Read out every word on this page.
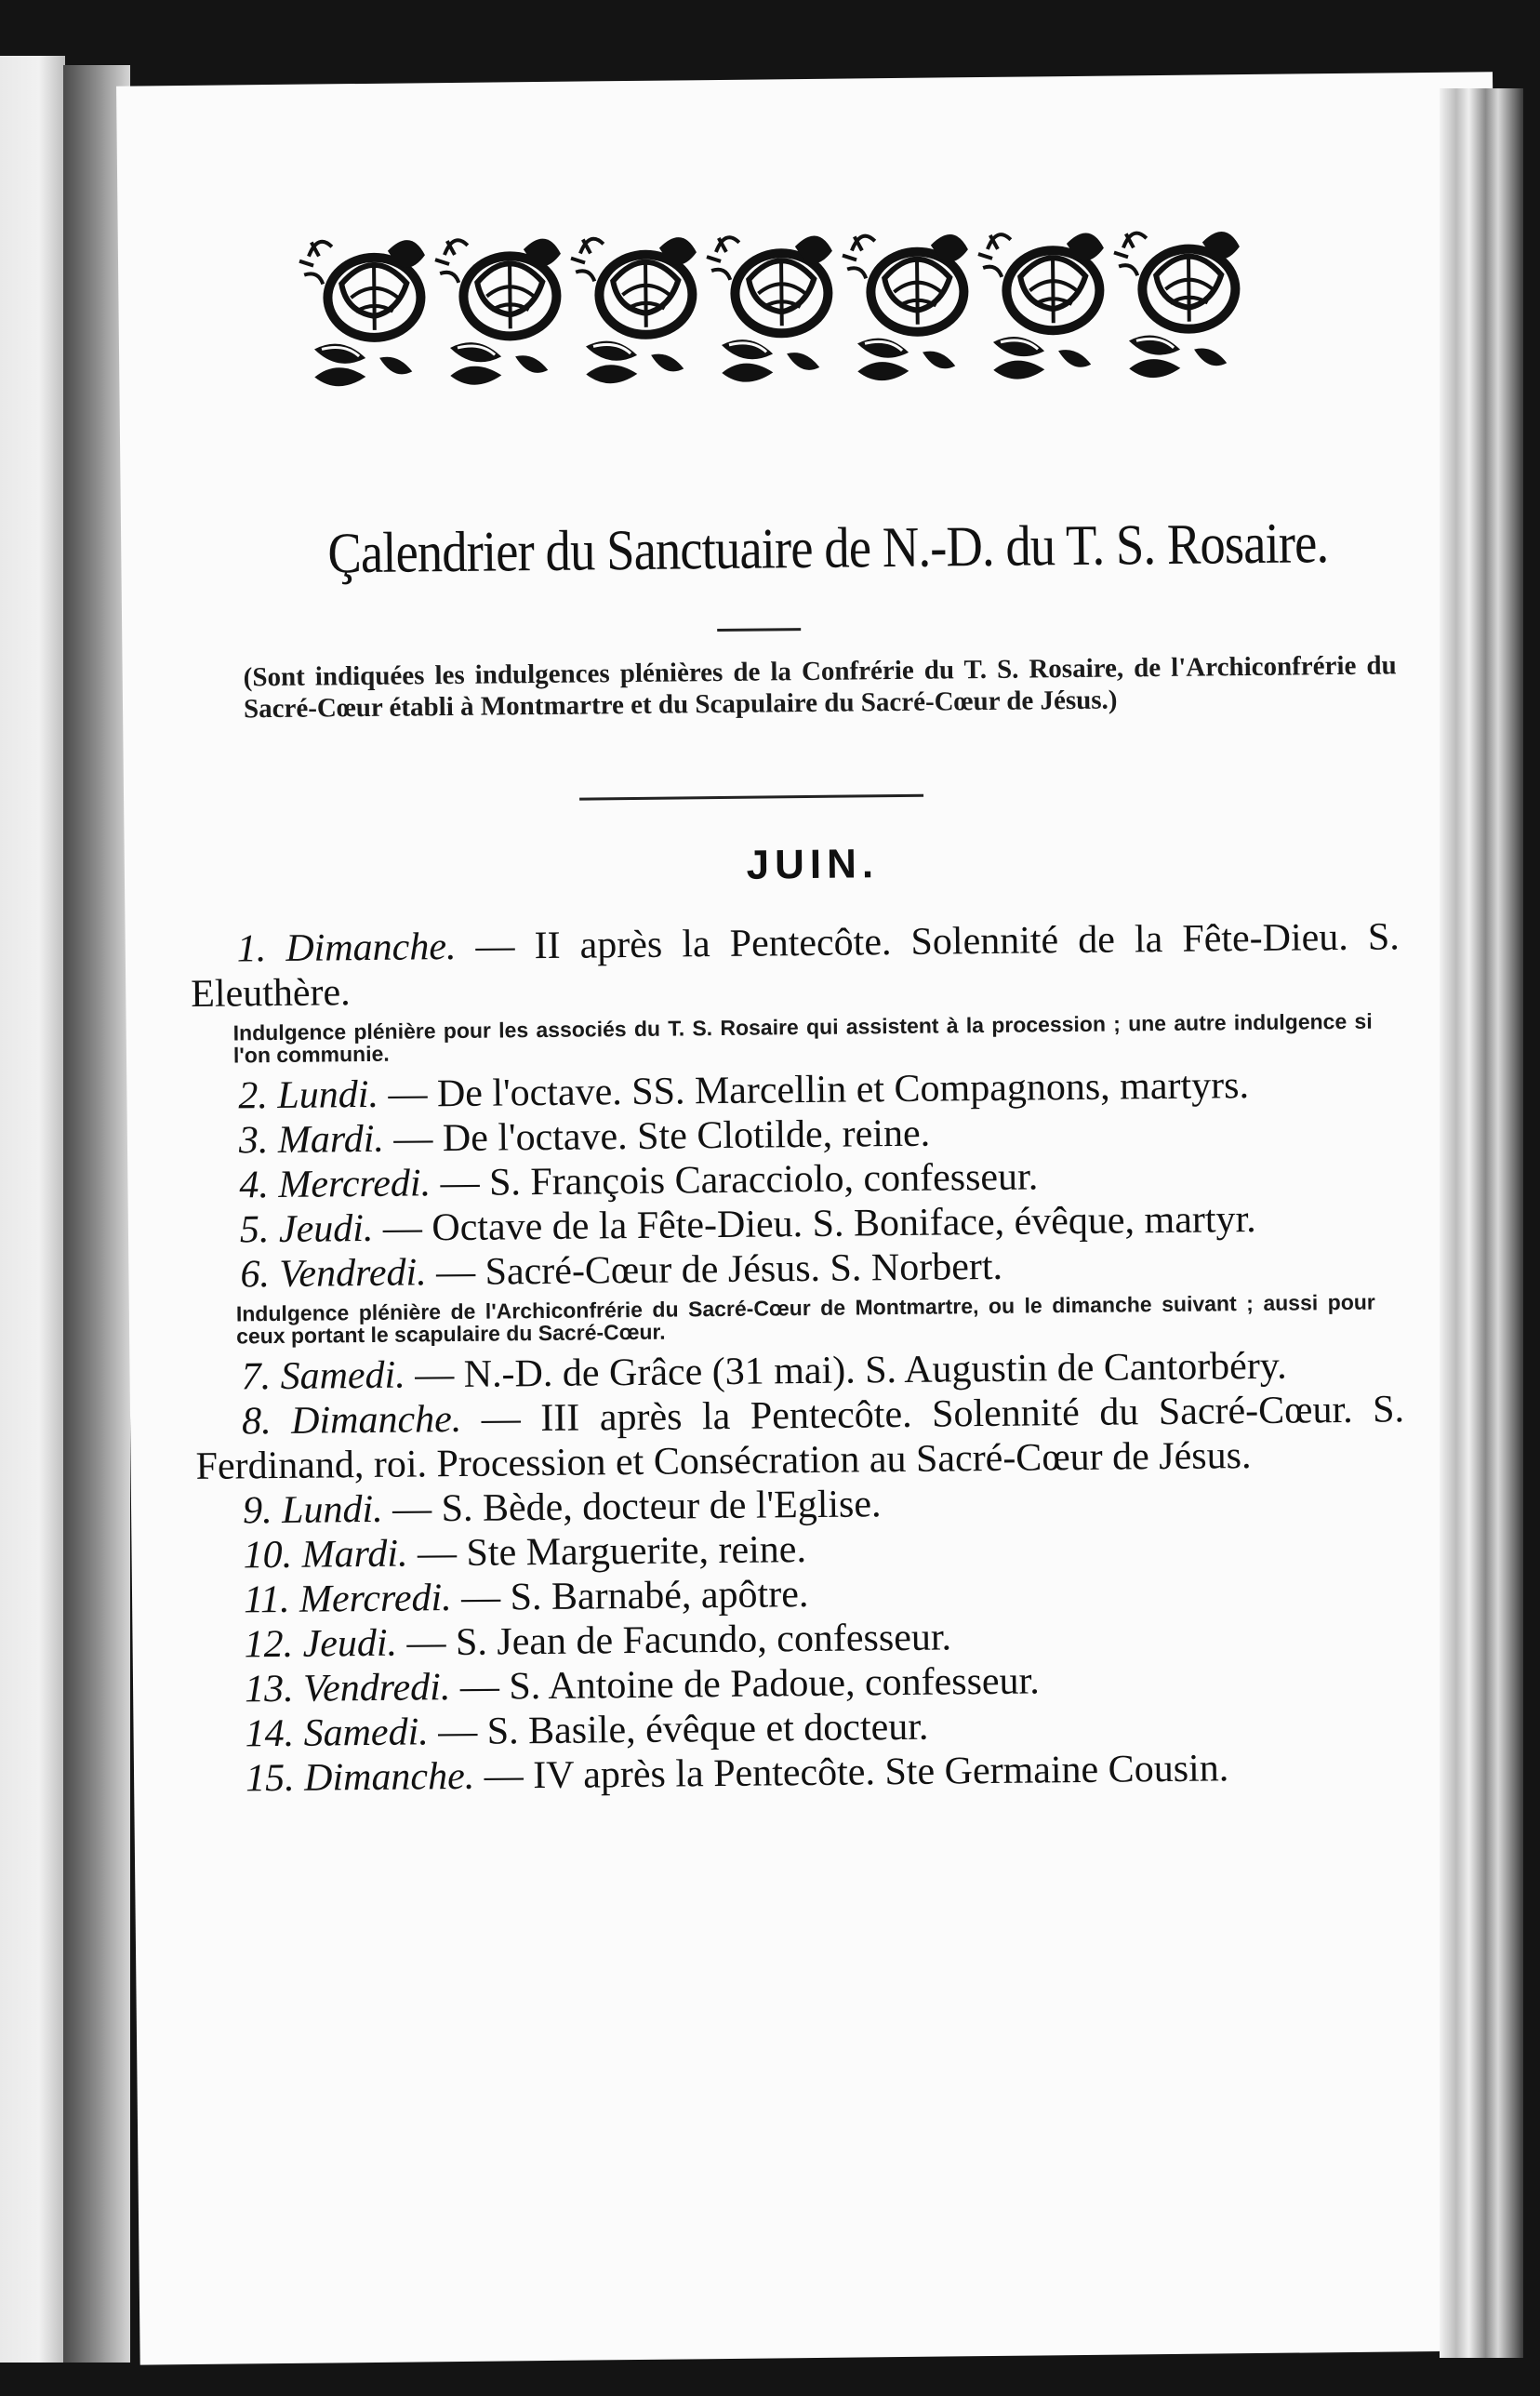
Çalendrier du Sanctuaire de N.-D. du T. S. Rosaire.
(Sont indiquées les indulgences plénières de la Confrérie du T. S. Rosaire, de l'Archiconfrérie du Sacré-Cœur établi à Montmartre et du Scapulaire du Sacré-Cœur de Jésus.)
JUIN.

1. Dimanche. — II après la Pentecôte. Solennité de la Fête-Dieu. S. Eleuthère.

Indulgence plénière pour les associés du T. S. Rosaire qui assistent à la procession ; une autre indulgence si l'on communie.

2. Lundi. — De l'octave. SS. Marcellin et Compagnons, martyrs.

3. Mardi. — De l'octave. Ste Clotilde, reine.

4. Mercredi. — S. François Caracciolo, confesseur.

5. Jeudi. — Octave de la Fête-Dieu. S. Boniface, évêque, martyr.

6. Vendredi. — Sacré-Cœur de Jésus. S. Norbert.

Indulgence plénière de l'Archiconfrérie du Sacré-Cœur de Montmartre, ou le dimanche suivant ; aussi pour ceux portant le scapulaire du Sacré-Cœur.

7. Samedi. — N.-D. de Grâce (31 mai). S. Augustin de Cantorbéry.

8. Dimanche. — III après la Pentecôte. Solennité du Sacré-Cœur. S. Ferdinand, roi. Procession et Consécration au Sacré-Cœur de Jésus.

9. Lundi. — S. Bède, docteur de l'Eglise.

10. Mardi. — Ste Marguerite, reine.

11. Mercredi. — S. Barnabé, apôtre.

12. Jeudi. — S. Jean de Facundo, confesseur.

13. Vendredi. — S. Antoine de Padoue, confesseur.

14. Samedi. — S. Basile, évêque et docteur.

15. Dimanche. — IV après la Pentecôte. Ste Germaine Cousin.
